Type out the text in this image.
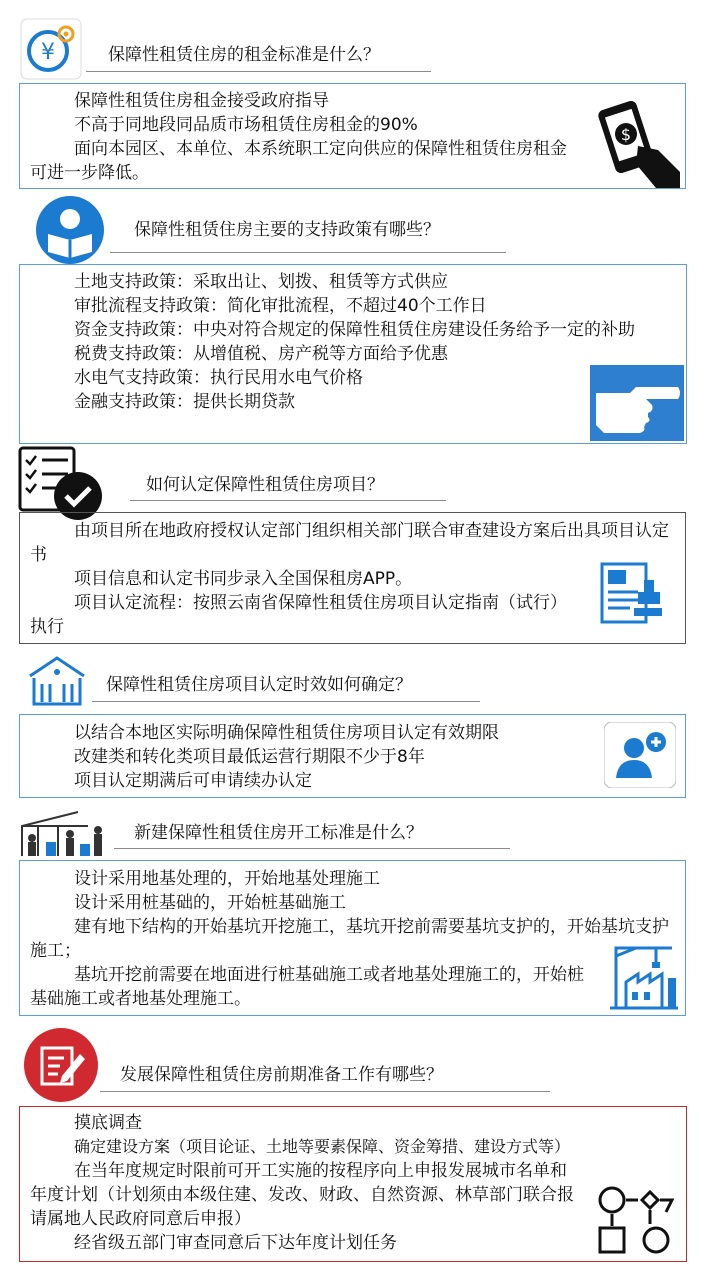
¥	保障性租赁住房的租金标准是什么？

保障性租赁住房租金接受政府指导

不高于同地段同品质市场租赁住房租金的90%

面向本园区、本单位、本系统职工定向供应的保障性租赁住房租金可进一步降低。

$
保障性租赁住房主要的支持政策有哪些？

土地支持政策：采取出让、划拨、租赁等方式供应

审批流程支持政策：简化审批流程，不超过40个工作日

资金支持政策：中央对符合规定的保障性租赁住房建设任务给予一定的补助

税费支持政策：从增值税、房产税等方面给予优惠

水电气支持政策：执行民用水电气价格

金融支持政策：提供长期贷款

如何认定保障性租赁住房项目？

由项目所在地政府授权认定部门组织相关部门联合审查建设方案后出具项目认定书

项目信息和认定书同步录入全国保租房APP。

项目认定流程：按照云南省保障性租赁住房项目认定指南（试行） 执行

保障性租赁住房项目认定时效如何确定？

以结合本地区实际明确保障性租赁住房项目认定有效期限

改建类和转化类项目最低运营行期限不少于8年

项目认定期满后可申请续办认定

新建保障性租赁住房开工标准是什么？

设计采用地基处理的，开始地基处理施工

设计采用桩基础的，开始桩基础施工

建有地下结构的开始基坑开挖施工，基坑开挖前需要基坑支护的，开始基坑支护施工；

基坑开挖前需要在地面进行桩基础施工或者地基处理施工的，开始桩基础施工或者地基处理施工。

发展保障性租赁住房前期准备工作有哪些？

摸底调查

确定建设方案（项目论证、土地等要素保障、资金筹措、建设方式等）

在当年度规定时限前可开工实施的按程序向上申报发展城市名单和年度计划（计划须由本级住建、发改、财政、自然资源、林草部门联合报请属地人民政府同意后申报）

经省级五部门审查同意后下达年度计划任务
